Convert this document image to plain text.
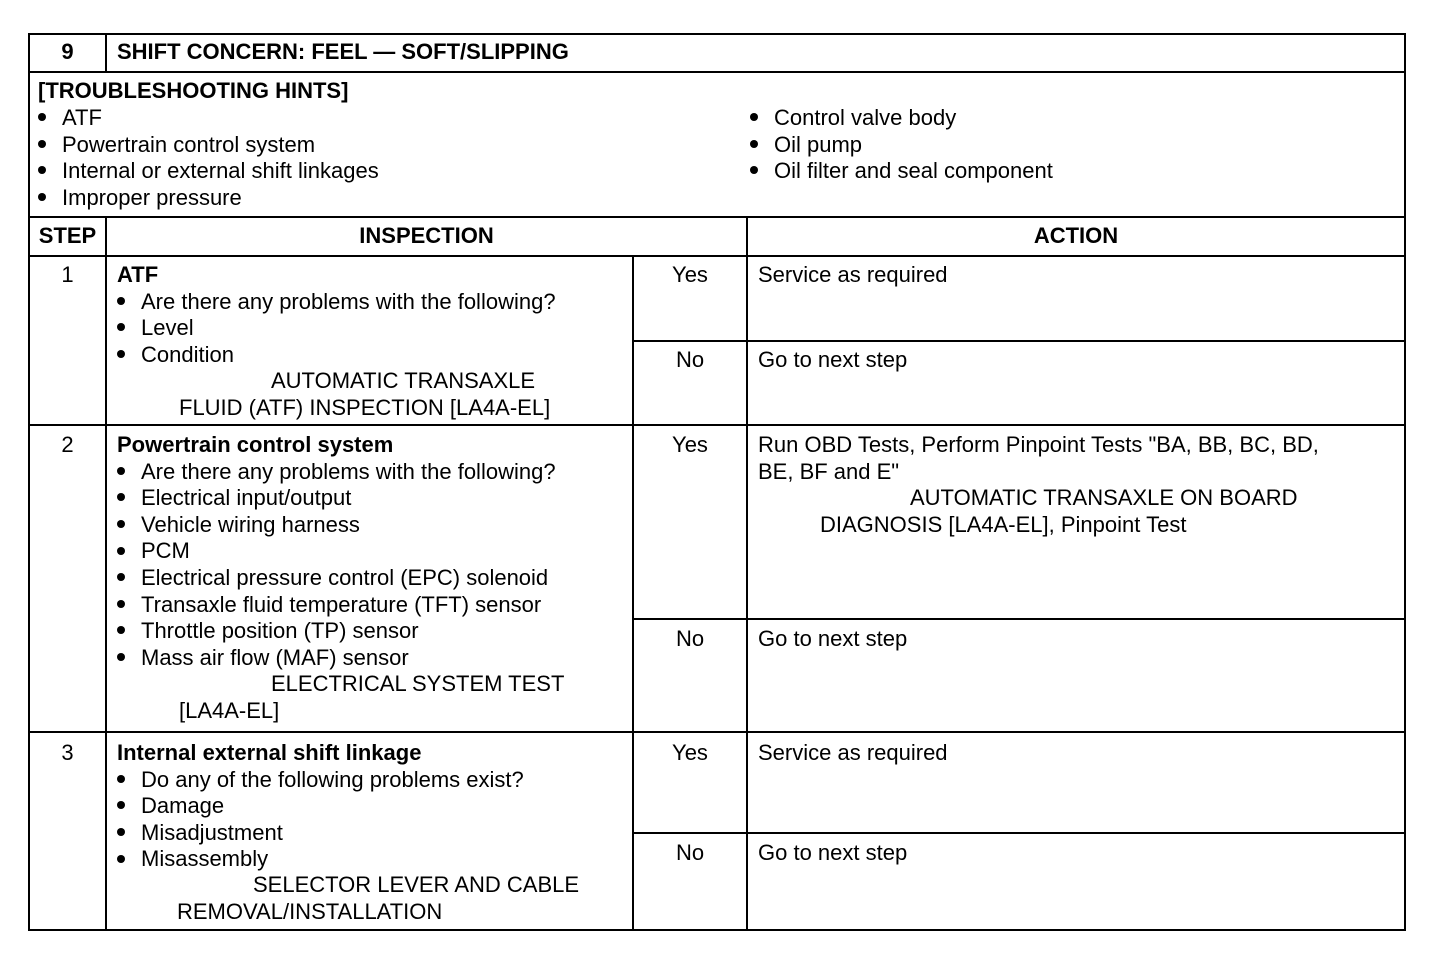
9	SHIFT CONCERN: FEEL — SOFT/SLIPPING
[TROUBLESHOOTING HINTS]
ATF
Powertrain control system
Internal or external shift linkages
Improper pressure
Control valve body
Oil pump
Oil filter and seal component
STEP	INSPECTION	ACTION
1	ATF
Are there any problems with the following?
Level
Condition
AUTOMATIC TRANSAXLE
FLUID (ATF) INSPECTION [LA4A-EL]
Yes	Service as required
No	Go to next step
2	Powertrain control system
Are there any problems with the following?
Electrical input/output
Vehicle wiring harness
PCM
Electrical pressure control (EPC) solenoid
Transaxle fluid temperature (TFT) sensor
Throttle position (TP) sensor
Mass air flow (MAF) sensor
ELECTRICAL SYSTEM TEST
[LA4A-EL]
Yes	Run OBD Tests, Perform Pinpoint Tests "BA, BB, BC, BD,
BE, BF and E"
AUTOMATIC TRANSAXLE ON BOARD
DIAGNOSIS [LA4A-EL], Pinpoint Test
No	Go to next step
3	Internal external shift linkage
Do any of the following problems exist?
Damage
Misadjustment
Misassembly
SELECTOR LEVER AND CABLE
REMOVAL/INSTALLATION
Yes	Service as required
No	Go to next step
